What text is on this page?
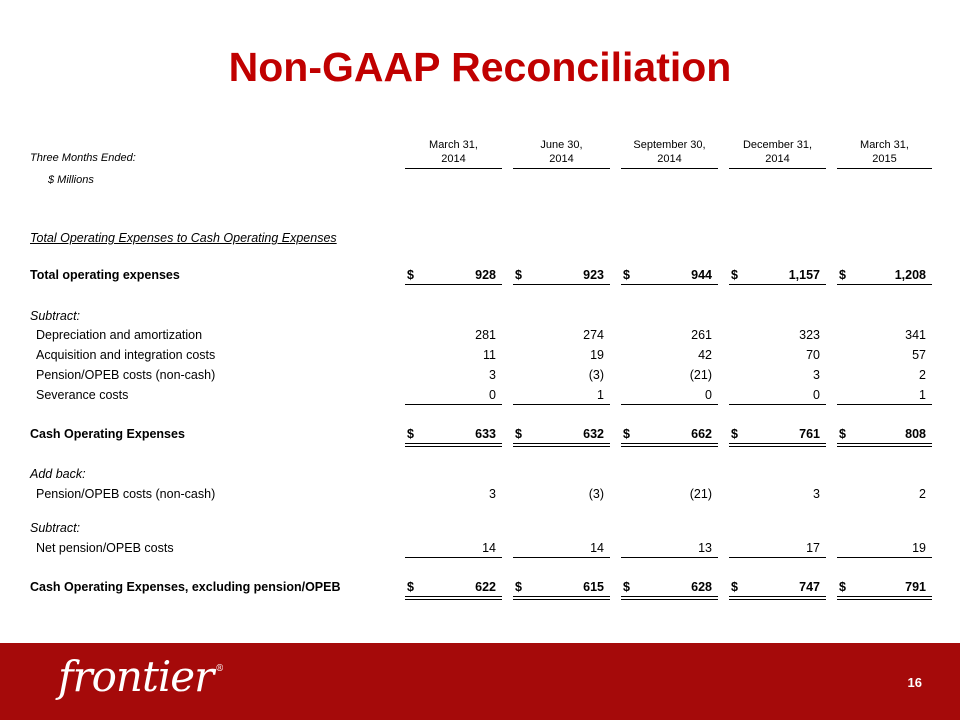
Non-GAAP Reconciliation
Three Months Ended:
$ Millions
March 31,
2014
June 30,
2014
September 30,
2014
December 31,
2014
March 31,
2015
Total Operating Expenses to Cash Operating Expenses
Total operating expenses	$	928 $	923 $	944 $	1,157 $	1,208
Subtract:
Depreciation and amortization	281	274	261	323	341
Acquisition and integration costs	11	19	42	70	57
Pension/OPEB costs (non-cash)	3	(3)	(21)	3	2
Severance costs	0	1	0	0	1
Cash Operating Expenses	$	633 $	632 $	662 $	761 $	808
Add back:
Pension/OPEB costs (non-cash)	3	(3)	(21)	3	2
Subtract:
Net pension/OPEB costs	14	14	13	17	19
Cash Operating Expenses, excluding pension/OPEB	$	622 $	615 $	628 $	747 $	791
frontier ®
16
